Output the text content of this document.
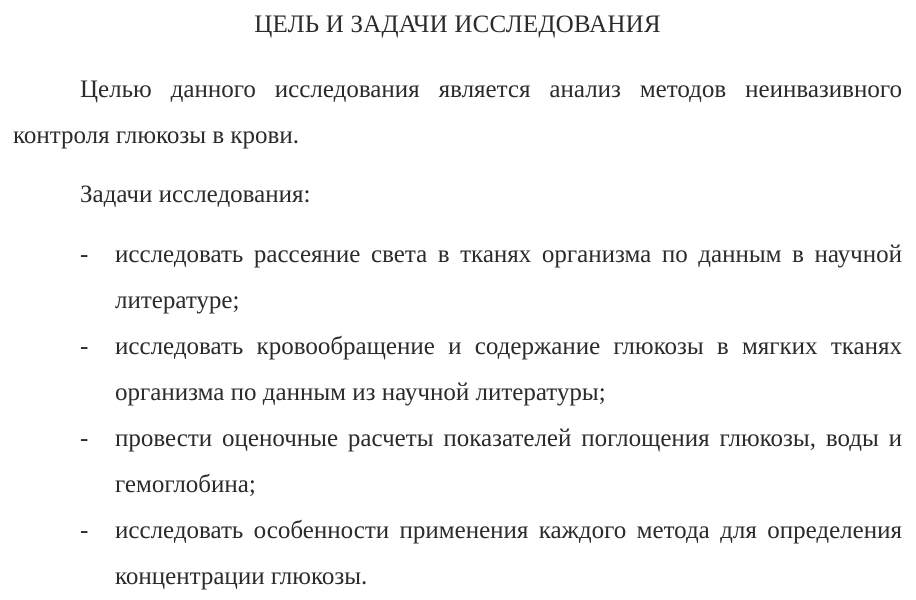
ЦЕЛЬ И ЗАДАЧИ ИССЛЕДОВАНИЯ

Целью данного исследования является анализ методов неинвазивного контроля глюкозы в крови.

Задачи исследования:

- исследовать рассеяние света в тканях организма по данным в научной литературе;
- исследовать кровообращение и содержание глюкозы в мягких тканях организма по данным из научной литературы;
- провести оценочные расчеты показателей поглощения глюкозы, воды и гемоглобина;
- исследовать особенности применения каждого метода для определения концентрации глюкозы.
